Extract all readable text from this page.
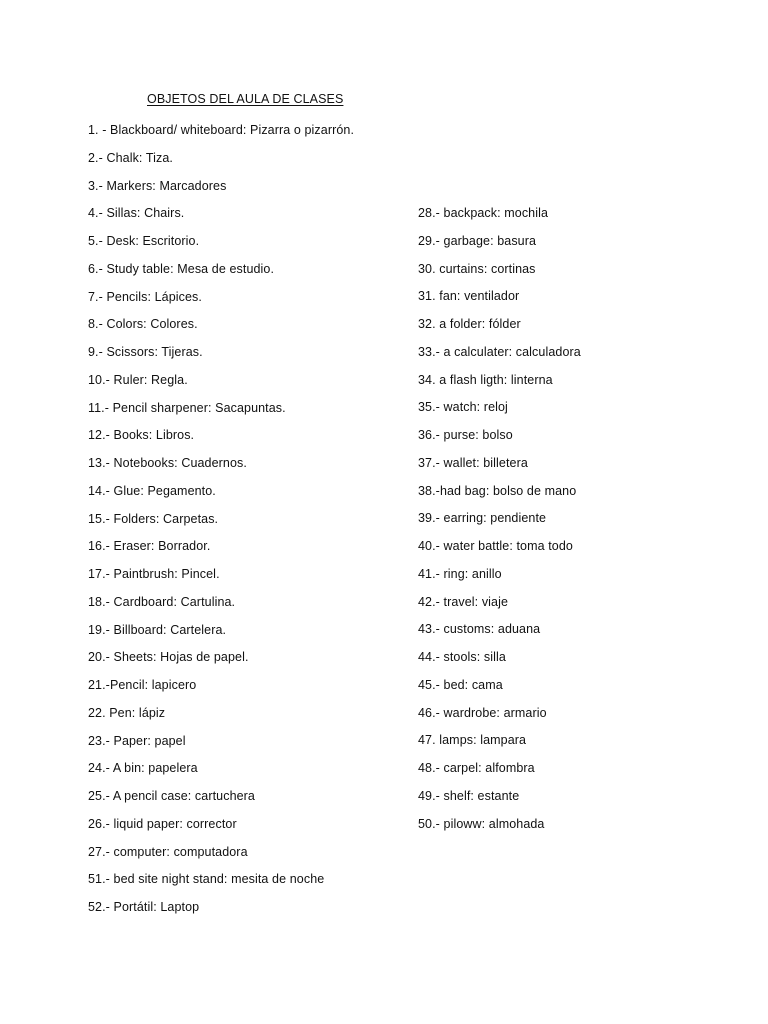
OBJETOS DEL AULA DE CLASES
1. - Blackboard/ whiteboard: Pizarra o pizarrón.
2.- Chalk: Tiza.
3.- Markers: Marcadores
4.- Sillas: Chairs.
5.- Desk: Escritorio.
6.- Study table: Mesa de estudio.
7.- Pencils: Lápices.
8.- Colors: Colores.
9.- Scissors: Tijeras.
10.- Ruler: Regla.
11.- Pencil sharpener: Sacapuntas.
12.- Books: Libros.
13.- Notebooks: Cuadernos.
14.- Glue: Pegamento.
15.- Folders: Carpetas.
16.- Eraser: Borrador.
17.- Paintbrush: Pincel.
18.- Cardboard: Cartulina.
19.- Billboard: Cartelera.
20.- Sheets: Hojas de papel.
21.-Pencil: lapicero
22. Pen: lápiz
23.- Paper: papel
24.- A bin: papelera
25.- A pencil case: cartuchera
26.- liquid paper: corrector
27.- computer: computadora
51.- bed site night stand: mesita de noche
52.- Portátil: Laptop
28.- backpack: mochila
29.- garbage: basura
30. curtains: cortinas
31. fan: ventilador
32. a folder: fólder
33.- a calculater: calculadora
34. a flash ligth: linterna
35.- watch: reloj
36.- purse: bolso
37.- wallet: billetera
38.-had bag: bolso de mano
39.- earring: pendiente
40.- water battle: toma todo
41.- ring: anillo
42.- travel: viaje
43.- customs: aduana
44.- stools: silla
45.- bed: cama
46.- wardrobe: armario
47. lamps: lampara
48.- carpel: alfombra
49.- shelf: estante
50.- piloww: almohada
